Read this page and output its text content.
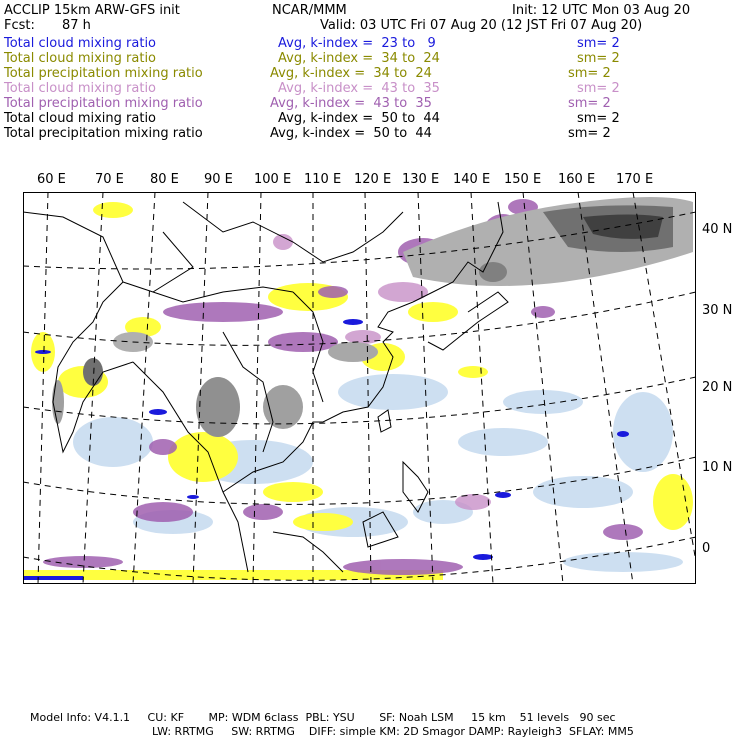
ACCLIP 15km ARW-GFS init	NCAR/MMM	Init: 12 UTC Mon 03 Aug 20
Fcst: 87 h	Valid: 03 UTC Fri 07 Aug 20 (12 JST Fri 07 Aug 20)
Total cloud mixing ratio	Avg, k-index =  23 to   9	sm= 2
Total cloud mixing ratio	Avg, k-index =  34 to  24	sm= 2
Total precipitation mixing ratio	Avg, k-index =  34 to  24	sm= 2
Total cloud mixing ratio	Avg, k-index =  43 to  35	sm= 2
Total precipitation mixing ratio	Avg, k-index =  43 to  35	sm= 2
Total cloud mixing ratio	Avg, k-index =  50 to  44	sm= 2
Total precipitation mixing ratio	Avg, k-index =  50 to  44	sm= 2
60 E 70 E 80 E 90 E 100 E 110 E 120 E 130 E 140 E 150 E 160 E 170 E
40 N
30 N
20 N
10 N
0
Model Info: V4.1.1     CU: KF       MP: WDM 6class  PBL: YSU       SF: Noah LSM     15 km    51 levels   90 sec
LW: RRTMG     SW: RRTMG    DIFF: simple KM: 2D Smagor DAMP: Rayleigh3  SFLAY: MM5
